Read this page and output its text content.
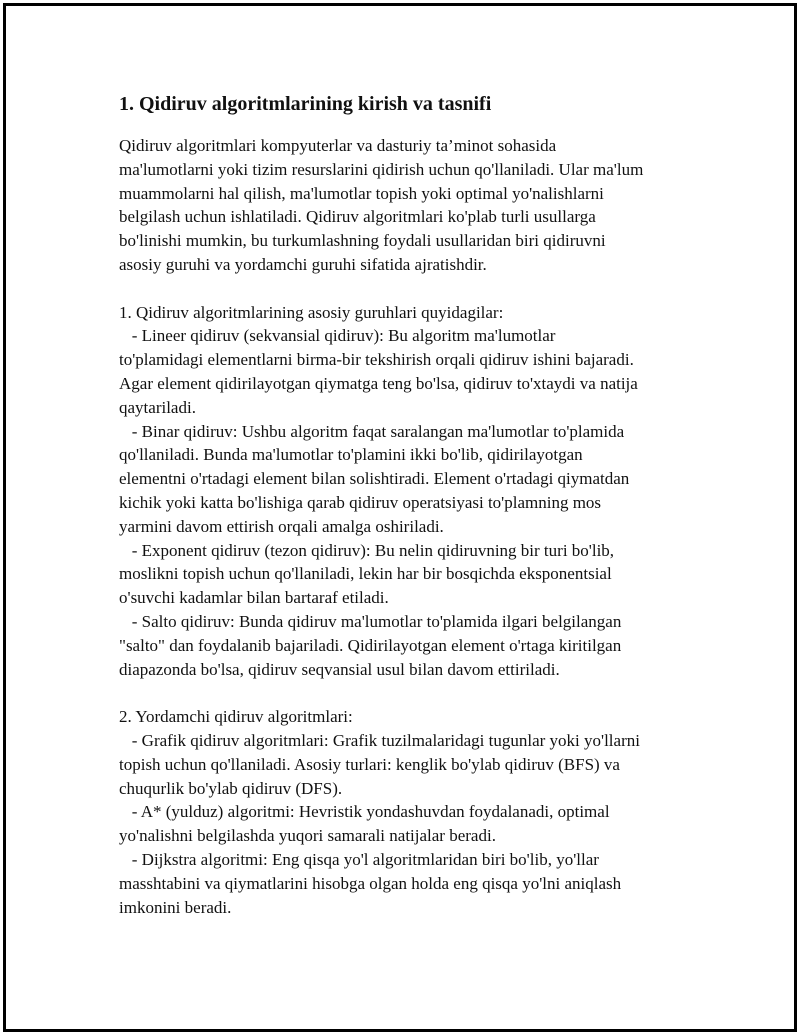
1. Qidiruv algoritmlarining kirish va tasnifi

Qidiruv algoritmlari kompyuterlar va dasturiy ta’minot sohasida
ma'lumotlarni yoki tizim resurslarini qidirish uchun qo'llaniladi. Ular ma'lum
muammolarni hal qilish, ma'lumotlar topish yoki optimal yo'nalishlarni
belgilash uchun ishlatiladi. Qidiruv algoritmlari ko'plab turli usullarga
bo'linishi mumkin, bu turkumlashning foydali usullaridan biri qidiruvni
asosiy guruhi va yordamchi guruhi sifatida ajratishdir.

1. Qidiruv algoritmlarining asosiy guruhlari quyidagilar:
- Lineer qidiruv (sekvansial qidiruv): Bu algoritm ma'lumotlar
to'plamidagi elementlarni birma-bir tekshirish orqali qidiruv ishini bajaradi.
Agar element qidirilayotgan qiymatga teng bo'lsa, qidiruv to'xtaydi va natija
qaytariladi.
- Binar qidiruv: Ushbu algoritm faqat saralangan ma'lumotlar to'plamida
qo'llaniladi. Bunda ma'lumotlar to'plamini ikki bo'lib, qidirilayotgan
elementni o'rtadagi element bilan solishtiradi. Element o'rtadagi qiymatdan
kichik yoki katta bo'lishiga qarab qidiruv operatsiyasi to'plamning mos
yarmini davom ettirish orqali amalga oshiriladi.
- Exponent qidiruv (tezon qidiruv): Bu nelin qidiruvning bir turi bo'lib,
moslikni topish uchun qo'llaniladi, lekin har bir bosqichda eksponentsial
o'suvchi kadamlar bilan bartaraf etiladi.
- Salto qidiruv: Bunda qidiruv ma'lumotlar to'plamida ilgari belgilangan
"salto" dan foydalanib bajariladi. Qidirilayotgan element o'rtaga kiritilgan
diapazonda bo'lsa, qidiruv seqvansial usul bilan davom ettiriladi.

2. Yordamchi qidiruv algoritmlari:
- Grafik qidiruv algoritmlari: Grafik tuzilmalaridagi tugunlar yoki yo'llarni
topish uchun qo'llaniladi. Asosiy turlari: kenglik bo'ylab qidiruv (BFS) va
chuqurlik bo'ylab qidiruv (DFS).
- A* (yulduz) algoritmi: Hevristik yondashuvdan foydalanadi, optimal
yo'nalishni belgilashda yuqori samarali natijalar beradi.
- Dijkstra algoritmi: Eng qisqa yo'l algoritmlaridan biri bo'lib, yo'llar
masshtabini va qiymatlarini hisobga olgan holda eng qisqa yo'lni aniqlash
imkonini beradi.
